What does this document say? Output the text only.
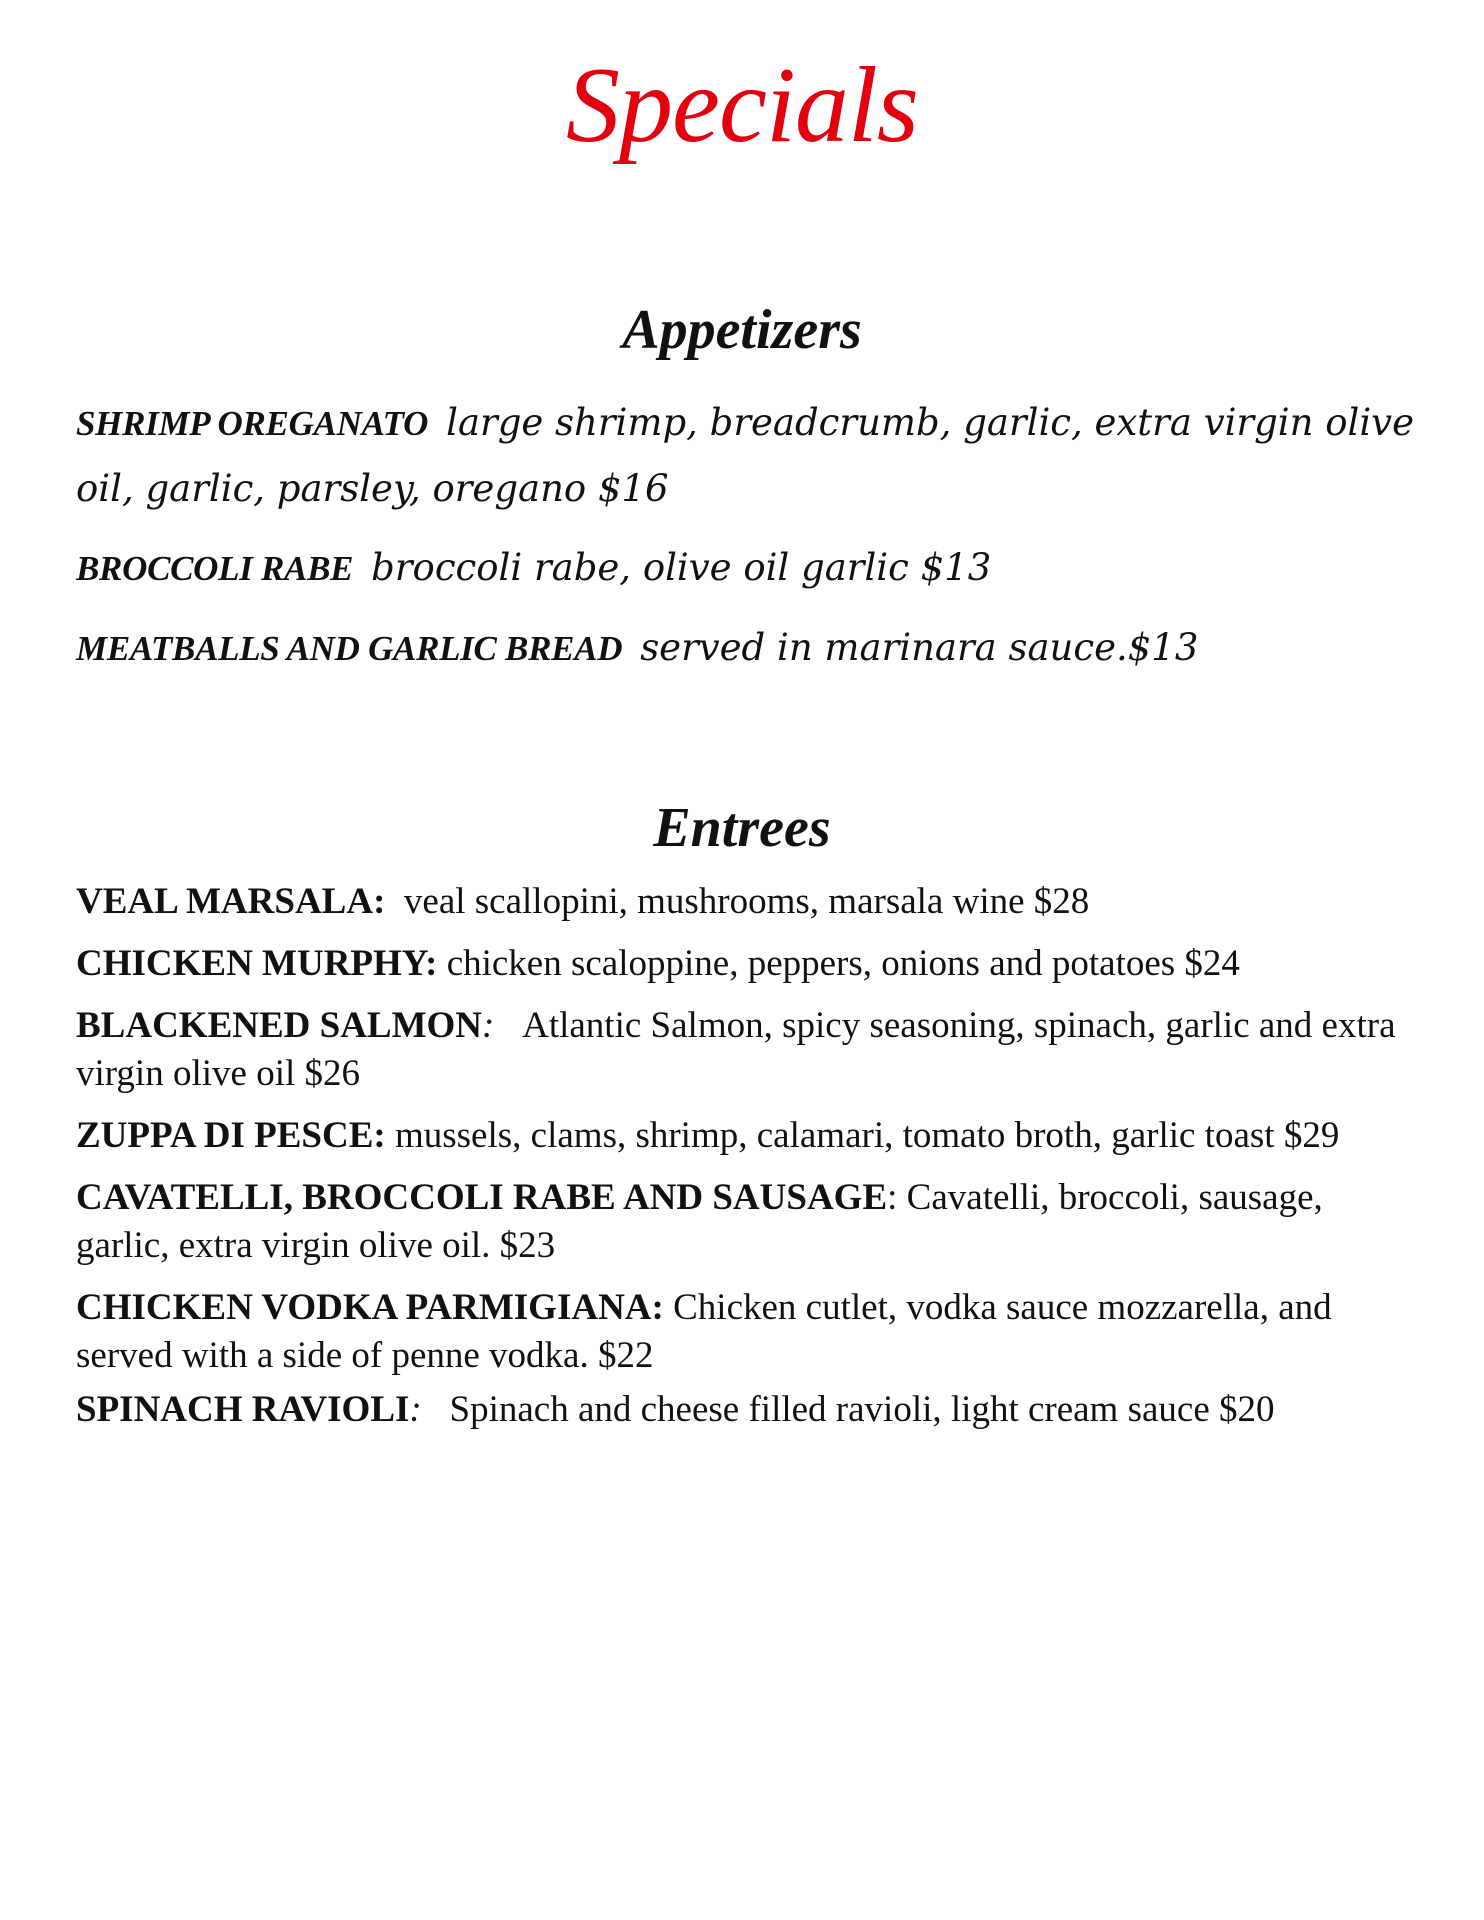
Specials
Appetizers
SHRIMP OREGANATO large shrimp, breadcrumb, garlic, extra virgin olive oil, garlic, parsley, oregano $16
BROCCOLI RABE broccoli rabe, olive oil garlic $13
MEATBALLS AND GARLIC BREAD served in marinara sauce.$13
Entrees
VEAL MARSALA: veal scallopini, mushrooms, marsala wine $28
CHICKEN MURPHY: chicken scaloppine, peppers, onions and potatoes $24
BLACKENED SALMON: Atlantic Salmon, spicy seasoning, spinach, garlic and extra virgin olive oil $26
ZUPPA DI PESCE: mussels, clams, shrimp, calamari, tomato broth, garlic toast $29
CAVATELLI, BROCCOLI RABE AND SAUSAGE: Cavatelli, broccoli, sausage, garlic, extra virgin olive oil. $23
CHICKEN VODKA PARMIGIANA: Chicken cutlet, vodka sauce mozzarella, and served with a side of penne vodka. $22
SPINACH RAVIOLI: Spinach and cheese filled ravioli, light cream sauce $20
